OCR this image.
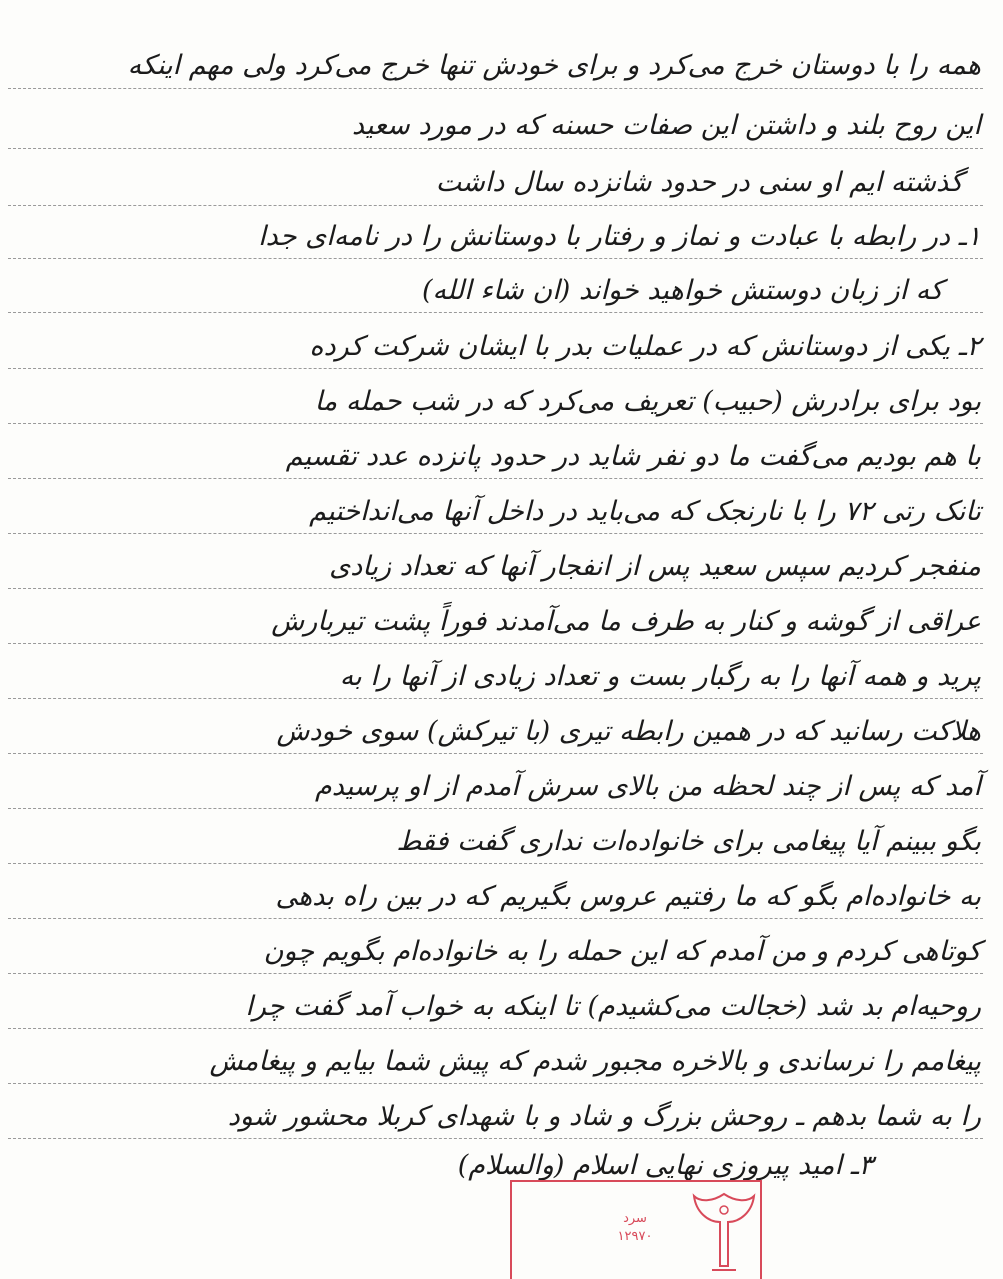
همه را با دوستان خرج می‌کرد و برای خودش تنها خرج می‌کرد ولی مهم اینکه
این روح بلند و داشتن این صفات حسنه که در مورد سعید
گذشته ایم او سنی در حدود شانزده سال داشت
۱ـ در رابطه با عبادت و نماز و رفتار با دوستانش را در نامه‌ای جدا
که از زبان دوستش خواهید خواند (ان شاء الله)
۲ـ یکی از دوستانش که در عملیات بدر با ایشان شرکت کرده
بود برای برادرش (حبیب) تعریف می‌کرد که در شب حمله ما
با هم بودیم می‌گفت ما دو نفر شاید در حدود پانزده عدد تقسیم
تانک رتی ۷۲ را با نارنجک که می‌باید در داخل آنها می‌انداختیم
منفجر کردیم سپس سعید پس از انفجار آنها که تعداد زیادی
عراقی از گوشه و کنار به طرف ما می‌آمدند فوراً پشت تیربارش
پرید و همه آنها را به رگبار بست و تعداد زیادی از آنها را به
هلاکت رسانید که در همین رابطه تیری (با تیرکش) سوی خودش
آمد که پس از چند لحظه من بالای سرش آمدم از او پرسیدم
بگو ببینم آیا پیغامی برای خانواده‌ات نداری گفت فقط
به خانواده‌ام بگو که ما رفتیم عروس بگیریم که در بین راه بدهی
کوتاهی کردم و من آمدم که این حمله را به خانواده‌ام بگویم چون
روحیه‌ام بد شد (خجالت می‌کشیدم) تا اینکه به خواب آمد گفت چرا
پیغامم را نرساندی و بالاخره مجبور شدم که پیش شما بیایم و پیغامش
را به شما بدهم ـ روحش بزرگ و شاد و با شهدای کربلا محشور شود
۳ـ امید پیروزی نهایی اسلام (والسلام)
سرد
۱۲۹۷۰
